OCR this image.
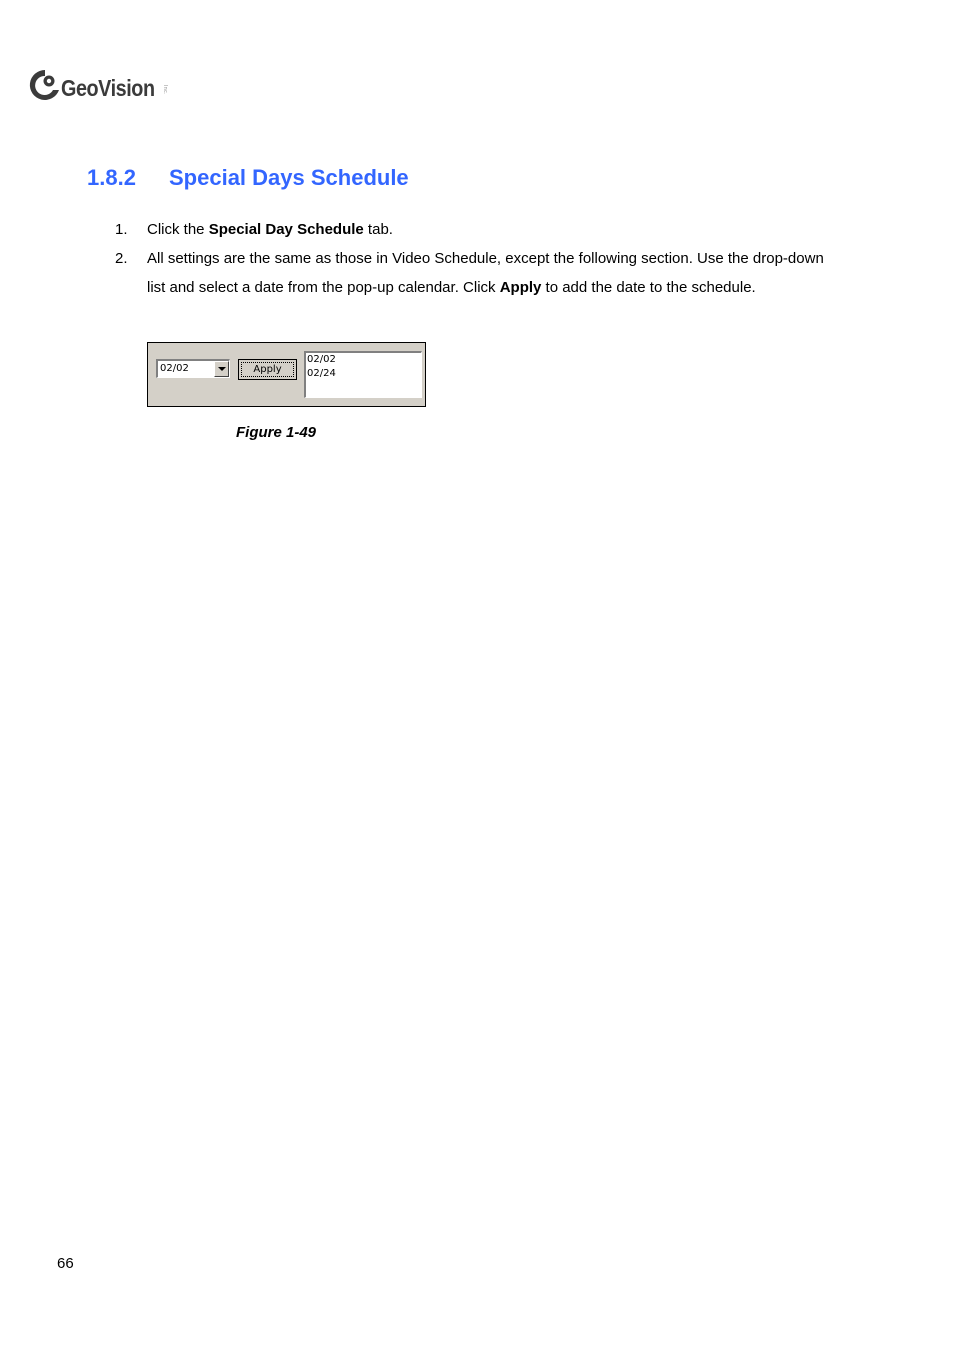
GeoVision Inc.
1.8.2 Special Days Schedule
1.	Click the Special Day Schedule tab.
2.	All settings are the same as those in Video Schedule, except the following section. Use the drop-down list and select a date from the pop-up calendar. Click Apply to add the date to the schedule.
02/02	Apply
02/02
02/24
Figure 1-49
66
